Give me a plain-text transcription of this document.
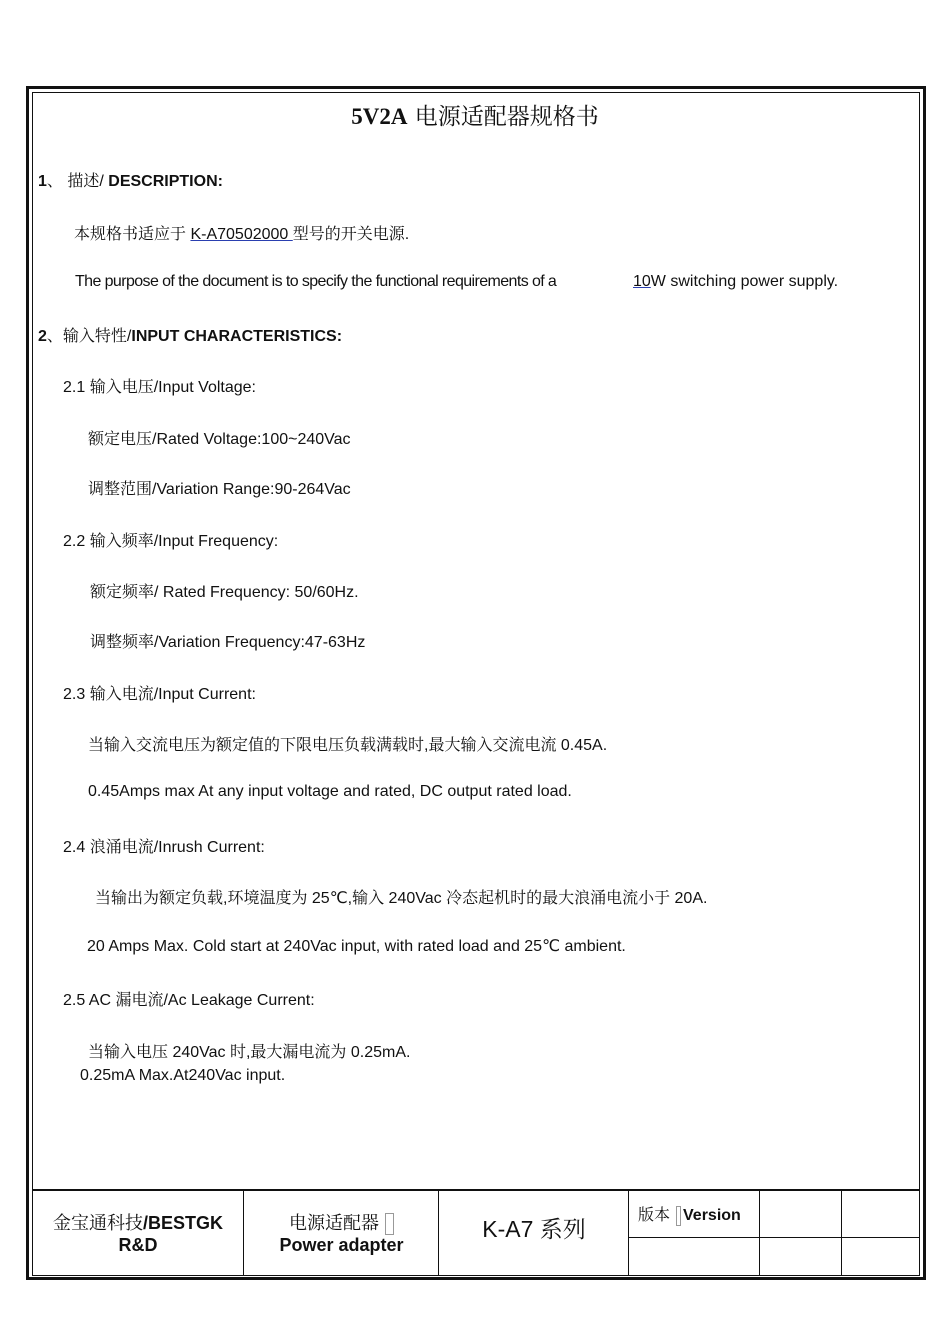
5V2A 电源适配器规格书
1、 描述/ DESCRIPTION:
本规格书适应于 K-A70502000 型号的开关电源.
The purpose of the document is to specify the functional requirements of a	10W switching power supply.
2、输入特性/INPUT CHARACTERISTICS:
2.1 输入电压/Input Voltage:
额定电压/Rated Voltage:100~240Vac
调整范围/Variation Range:90-264Vac
2.2 输入频率/Input Frequency:
额定频率/ Rated Frequency: 50/60Hz.
调整频率/Variation Frequency:47-63Hz
2.3 输入电流/Input Current:
当输入交流电压为额定值的下限电压负载满载时,最大输入交流电流 0.45A.
0.45Amps max At any input voltage and rated, DC output rated load.
2.4 浪涌电流/Inrush Current:
当输出为额定负载,环境温度为 25℃,输入 240Vac 冷态起机时的最大浪涌电流小于 20A.
20 Amps Max. Cold start at 240Vac input, with rated load and 25℃ ambient.
2.5 AC 漏电流/Ac Leakage Current:
当输入电压 240Vac 时,最大漏电流为 0.25mA.
0.25mA Max.At240Vac input.
金宝通科技/BESTGK
R&D
电源适配器
Power adapter
K-A7 系列
版本 Version
